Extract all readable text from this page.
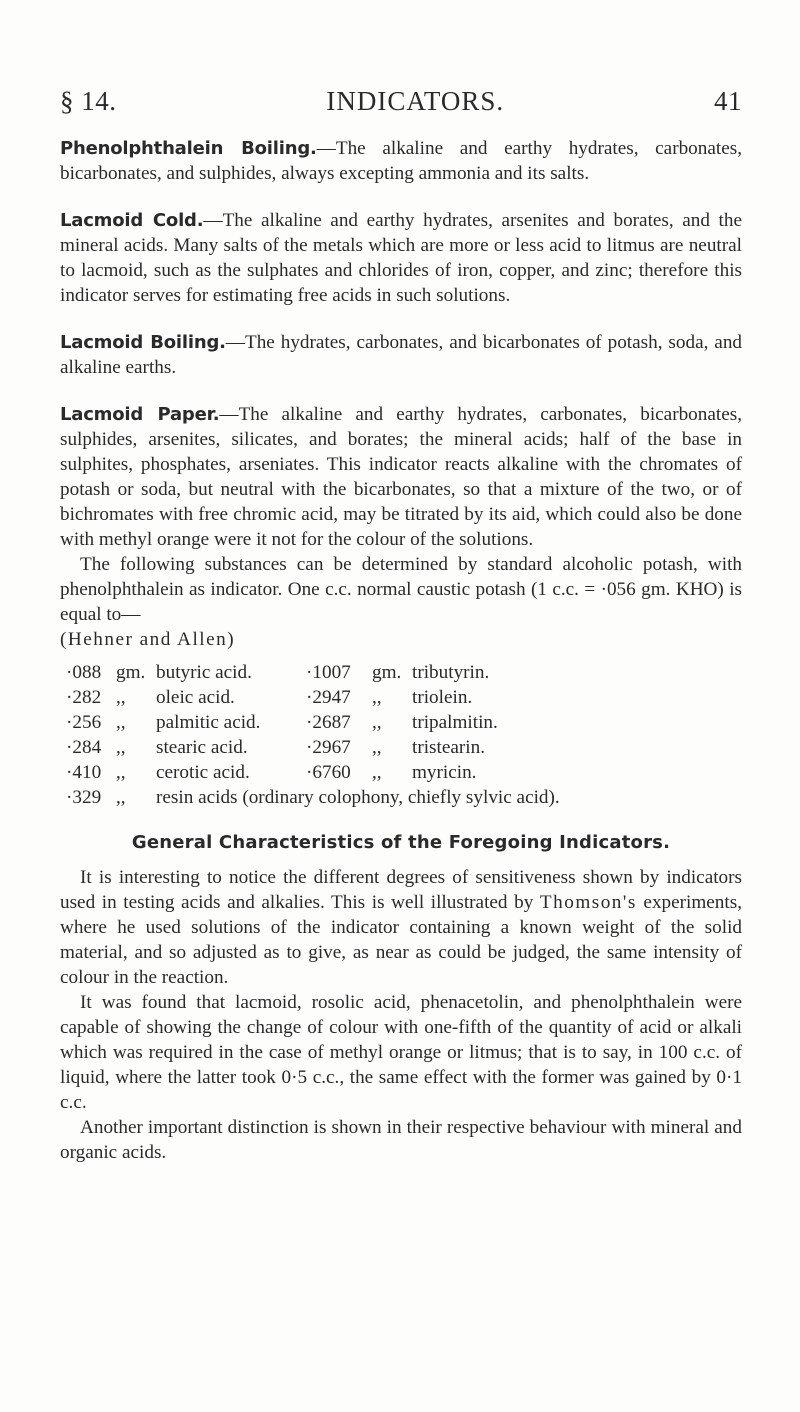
§ 14.	INDICATORS.	41

Phenolphthalein Boiling.—The alkaline and earthy hydrates, carbonates, bicarbonates, and sulphides, always excepting ammonia and its salts.

Lacmoid Cold.—The alkaline and earthy hydrates, arsenites and borates, and the mineral acids. Many salts of the metals which are more or less acid to litmus are neutral to lacmoid, such as the sulphates and chlorides of iron, copper, and zinc; therefore this indicator serves for estimating free acids in such solutions.

Lacmoid Boiling.—The hydrates, carbonates, and bicarbonates of potash, soda, and alkaline earths.

Lacmoid Paper.—The alkaline and earthy hydrates, carbonates, bicarbonates, sulphides, arsenites, silicates, and borates; the mineral acids; half of the base in sulphites, phosphates, arseniates. This indicator reacts alkaline with the chromates of potash or soda, but neutral with the bicarbonates, so that a mixture of the two, or of bichromates with free chromic acid, may be titrated by its aid, which could also be done with methyl orange were it not for the colour of the solutions.

The following substances can be determined by standard alcoholic potash, with phenolphthalein as indicator. One c.c. normal caustic potash (1 c.c. = ·056 gm. KHO) is equal to—
(Hehner and Allen)

·088	gm.	butyric acid.	·1007	gm.	tributyrin.
·282	,,	oleic acid.	·2947	,,	triolein.
·256	,,	palmitic acid.	·2687	,,	tripalmitin.
·284	,,	stearic acid.	·2967	,,	tristearin.
·410	,,	cerotic acid.	·6760	,,	myricin.
·329	,,	resin acids (ordinary colophony, chiefly sylvic acid).			
General Characteristics of the Foregoing Indicators.

It is interesting to notice the different degrees of sensitiveness shown by indicators used in testing acids and alkalies. This is well illustrated by Thomson's experiments, where he used solutions of the indicator containing a known weight of the solid material, and so adjusted as to give, as near as could be judged, the same intensity of colour in the reaction.

It was found that lacmoid, rosolic acid, phenacetolin, and phenolphthalein were capable of showing the change of colour with one-fifth of the quantity of acid or alkali which was required in the case of methyl orange or litmus; that is to say, in 100 c.c. of liquid, where the latter took 0·5 c.c., the same effect with the former was gained by 0·1 c.c.

Another important distinction is shown in their respective behaviour with mineral and organic acids.
